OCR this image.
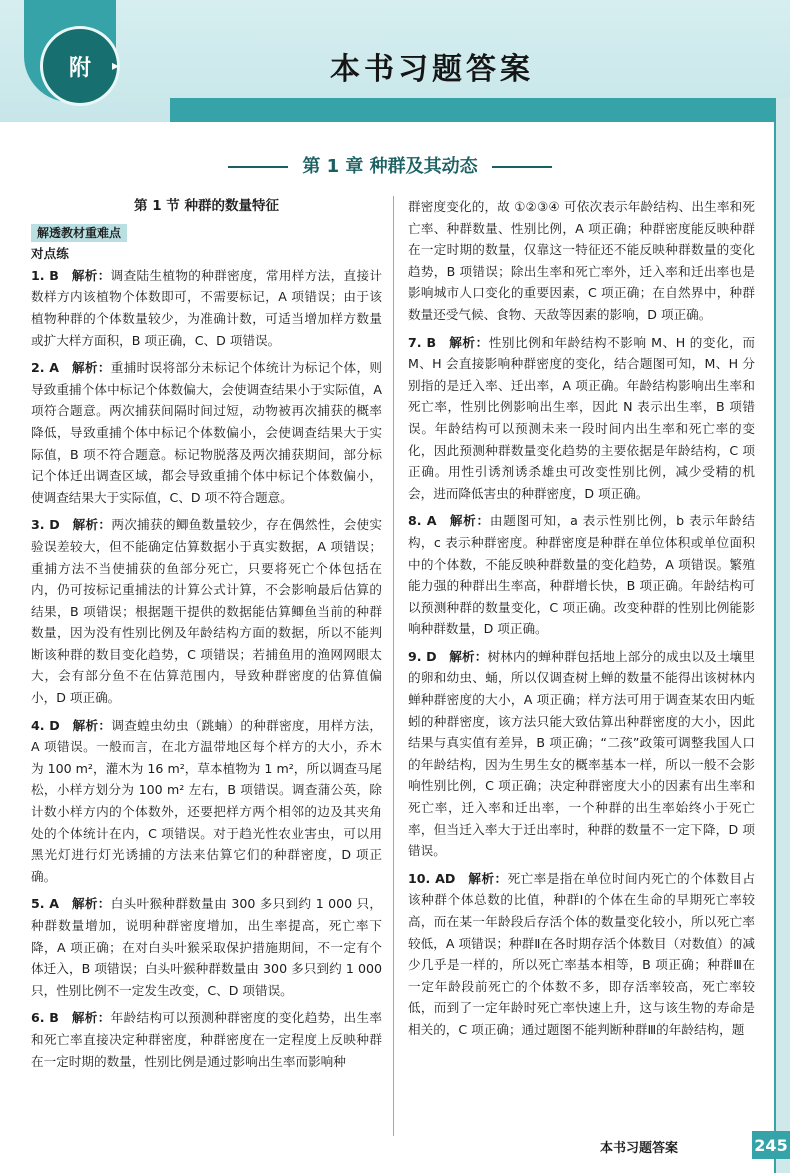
附	▸	本书习题答案
第 1 章 种群及其动态
第 1 节 种群的数量特征
解透教材重难点
对点练

1. B  解析：调查陆生植物的种群密度，常用样方法，直接计数样方内该植物个体数即可，不需要标记，A 项错误；由于该植物种群的个体数量较少，为准确计数，可适当增加样方数量或扩大样方面积，B 项正确，C、D 项错误。

2. A  解析：重捕时误将部分未标记个体统计为标记个体，则导致重捕个体中标记个体数偏大，会使调查结果小于实际值，A 项符合题意。两次捕获间隔时间过短，动物被再次捕获的概率降低，导致重捕个体中标记个体数偏小，会使调查结果大于实际值，B 项不符合题意。标记物脱落及两次捕获期间，部分标记个体迁出调查区域，都会导致重捕个体中标记个体数偏小，使调查结果大于实际值，C、D 项不符合题意。

3. D  解析：两次捕获的鲫鱼数量较少，存在偶然性，会使实验误差较大，但不能确定估算数据小于真实数据，A 项错误；重捕方法不当使捕获的鱼部分死亡，只要将死亡个体包括在内，仍可按标记重捕法的计算公式计算，不会影响最后估算的结果，B 项错误；根据题干提供的数据能估算鲫鱼当前的种群数量，因为没有性别比例及年龄结构方面的数据，所以不能判断该种群的数目变化趋势，C 项错误；若捕鱼用的渔网网眼太大，会有部分鱼不在估算范围内，导致种群密度的估算值偏小，D 项正确。

4. D  解析：调查蝗虫幼虫（跳蝻）的种群密度，用样方法，A 项错误。一般而言，在北方温带地区每个样方的大小，乔木为 100 m²，灌木为 16 m²，草本植物为 1 m²，所以调查马尾松，小样方划分为 100 m² 左右，B 项错误。调查蒲公英，除计数小样方内的个体数外，还要把样方两个相邻的边及其夹角处的个体统计在内，C 项错误。对于趋光性农业害虫，可以用黑光灯进行灯光诱捕的方法来估算它们的种群密度，D 项正确。

5. A  解析：白头叶猴种群数量由 300 多只到约 1 000 只，种群数量增加，说明种群密度增加，出生率提高，死亡率下降，A 项正确；在对白头叶猴采取保护措施期间，不一定有个体迁入，B 项错误；白头叶猴种群数量由 300 多只到约 1 000 只，性别比例不一定发生改变，C、D 项错误。

6. B  解析：年龄结构可以预测种群密度的变化趋势，出生率和死亡率直接决定种群密度，种群密度在一定程度上反映种群在一定时期的数量，性别比例是通过影响出生率而影响种

群密度变化的，故 ①②③④ 可依次表示年龄结构、出生率和死亡率、种群数量、性别比例，A 项正确；种群密度能反映种群在一定时期的数量，仅靠这一特征还不能反映种群数量的变化趋势，B 项错误；除出生率和死亡率外，迁入率和迁出率也是影响城市人口变化的重要因素，C 项正确；在自然界中，种群数量还受气候、食物、天敌等因素的影响，D 项正确。

7. B  解析：性别比例和年龄结构不影响 M、H 的变化，而 M、H 会直接影响种群密度的变化，结合题图可知，M、H 分别指的是迁入率、迁出率，A 项正确。年龄结构影响出生率和死亡率，性别比例影响出生率，因此 N 表示出生率，B 项错误。年龄结构可以预测未来一段时间内出生率和死亡率的变化，因此预测种群数量变化趋势的主要依据是年龄结构，C 项正确。用性引诱剂诱杀雄虫可改变性别比例，减少受精的机会，进而降低害虫的种群密度，D 项正确。

8. A  解析：由题图可知，a 表示性别比例，b 表示年龄结构，c 表示种群密度。种群密度是种群在单位体积或单位面积中的个体数，不能反映种群数量的变化趋势，A 项错误。繁殖能力强的种群出生率高，种群增长快，B 项正确。年龄结构可以预测种群的数量变化，C 项正确。改变种群的性别比例能影响种群数量，D 项正确。

9. D  解析：树林内的蝉种群包括地上部分的成虫以及土壤里的卵和幼虫、蛹，所以仅调查树上蝉的数量不能得出该树林内蝉种群密度的大小，A 项正确；样方法可用于调查某农田内蚯蚓的种群密度，该方法只能大致估算出种群密度的大小，因此结果与真实值有差异，B 项正确；“二孩”政策可调整我国人口的年龄结构，因为生男生女的概率基本一样，所以一般不会影响性别比例，C 项正确；决定种群密度大小的因素有出生率和死亡率，迁入率和迁出率，一个种群的出生率始终小于死亡率，但当迁入率大于迁出率时，种群的数量不一定下降，D 项错误。

10. AD  解析：死亡率是指在单位时间内死亡的个体数目占该种群个体总数的比值，种群Ⅰ的个体在生命的早期死亡率较高，而在某一年龄段后存活个体的数量变化较小，所以死亡率较低，A 项错误；种群Ⅱ在各时期存活个体数目（对数值）的减少几乎是一样的，所以死亡率基本相等，B 项正确；种群Ⅲ在一定年龄段前死亡的个体数不多，即存活率较高，死亡率较低，而到了一定年龄时死亡率快速上升，这与该生物的寿命是相关的，C 项正确；通过题图不能判断种群Ⅲ的年龄结构，题

本书习题答案	245
